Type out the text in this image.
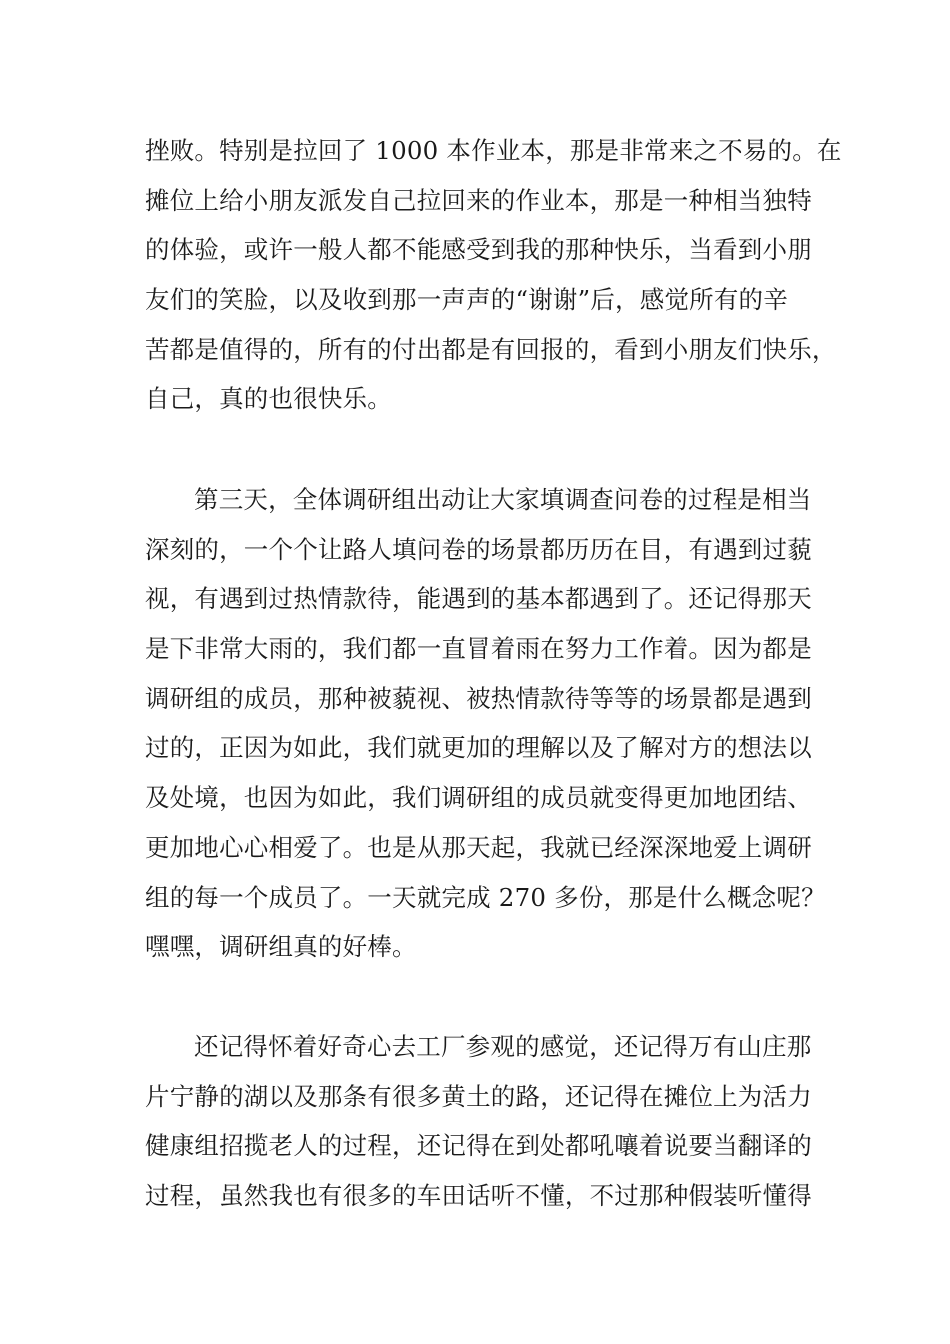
挫败。特别是拉回了 1000 本作业本，那是非常来之不易的。在
摊位上给小朋友派发自己拉回来的作业本，那是一种相当独特
的体验，或许一般人都不能感受到我的那种快乐，当看到小朋
友们的笑脸，以及收到那一声声的“谢谢”后，感觉所有的辛
苦都是值得的，所有的付出都是有回报的，看到小朋友们快乐，
自己，真的也很快乐。
第三天，全体调研组出动让大家填调查问卷的过程是相当
深刻的，一个个让路人填问卷的场景都历历在目，有遇到过藐
视，有遇到过热情款待，能遇到的基本都遇到了。还记得那天
是下非常大雨的，我们都一直冒着雨在努力工作着。因为都是
调研组的成员，那种被藐视、被热情款待等等的场景都是遇到
过的，正因为如此，我们就更加的理解以及了解对方的想法以
及处境，也因为如此，我们调研组的成员就变得更加地团结、
更加地心心相爱了。也是从那天起，我就已经深深地爱上调研
组的每一个成员了。一天就完成 270 多份，那是什么概念呢？
嘿嘿，调研组真的好棒。
还记得怀着好奇心去工厂参观的感觉，还记得万有山庄那
片宁静的湖以及那条有很多黄土的路，还记得在摊位上为活力
健康组招揽老人的过程，还记得在到处都吼嚷着说要当翻译的
过程，虽然我也有很多的车田话听不懂，不过那种假装听懂得
